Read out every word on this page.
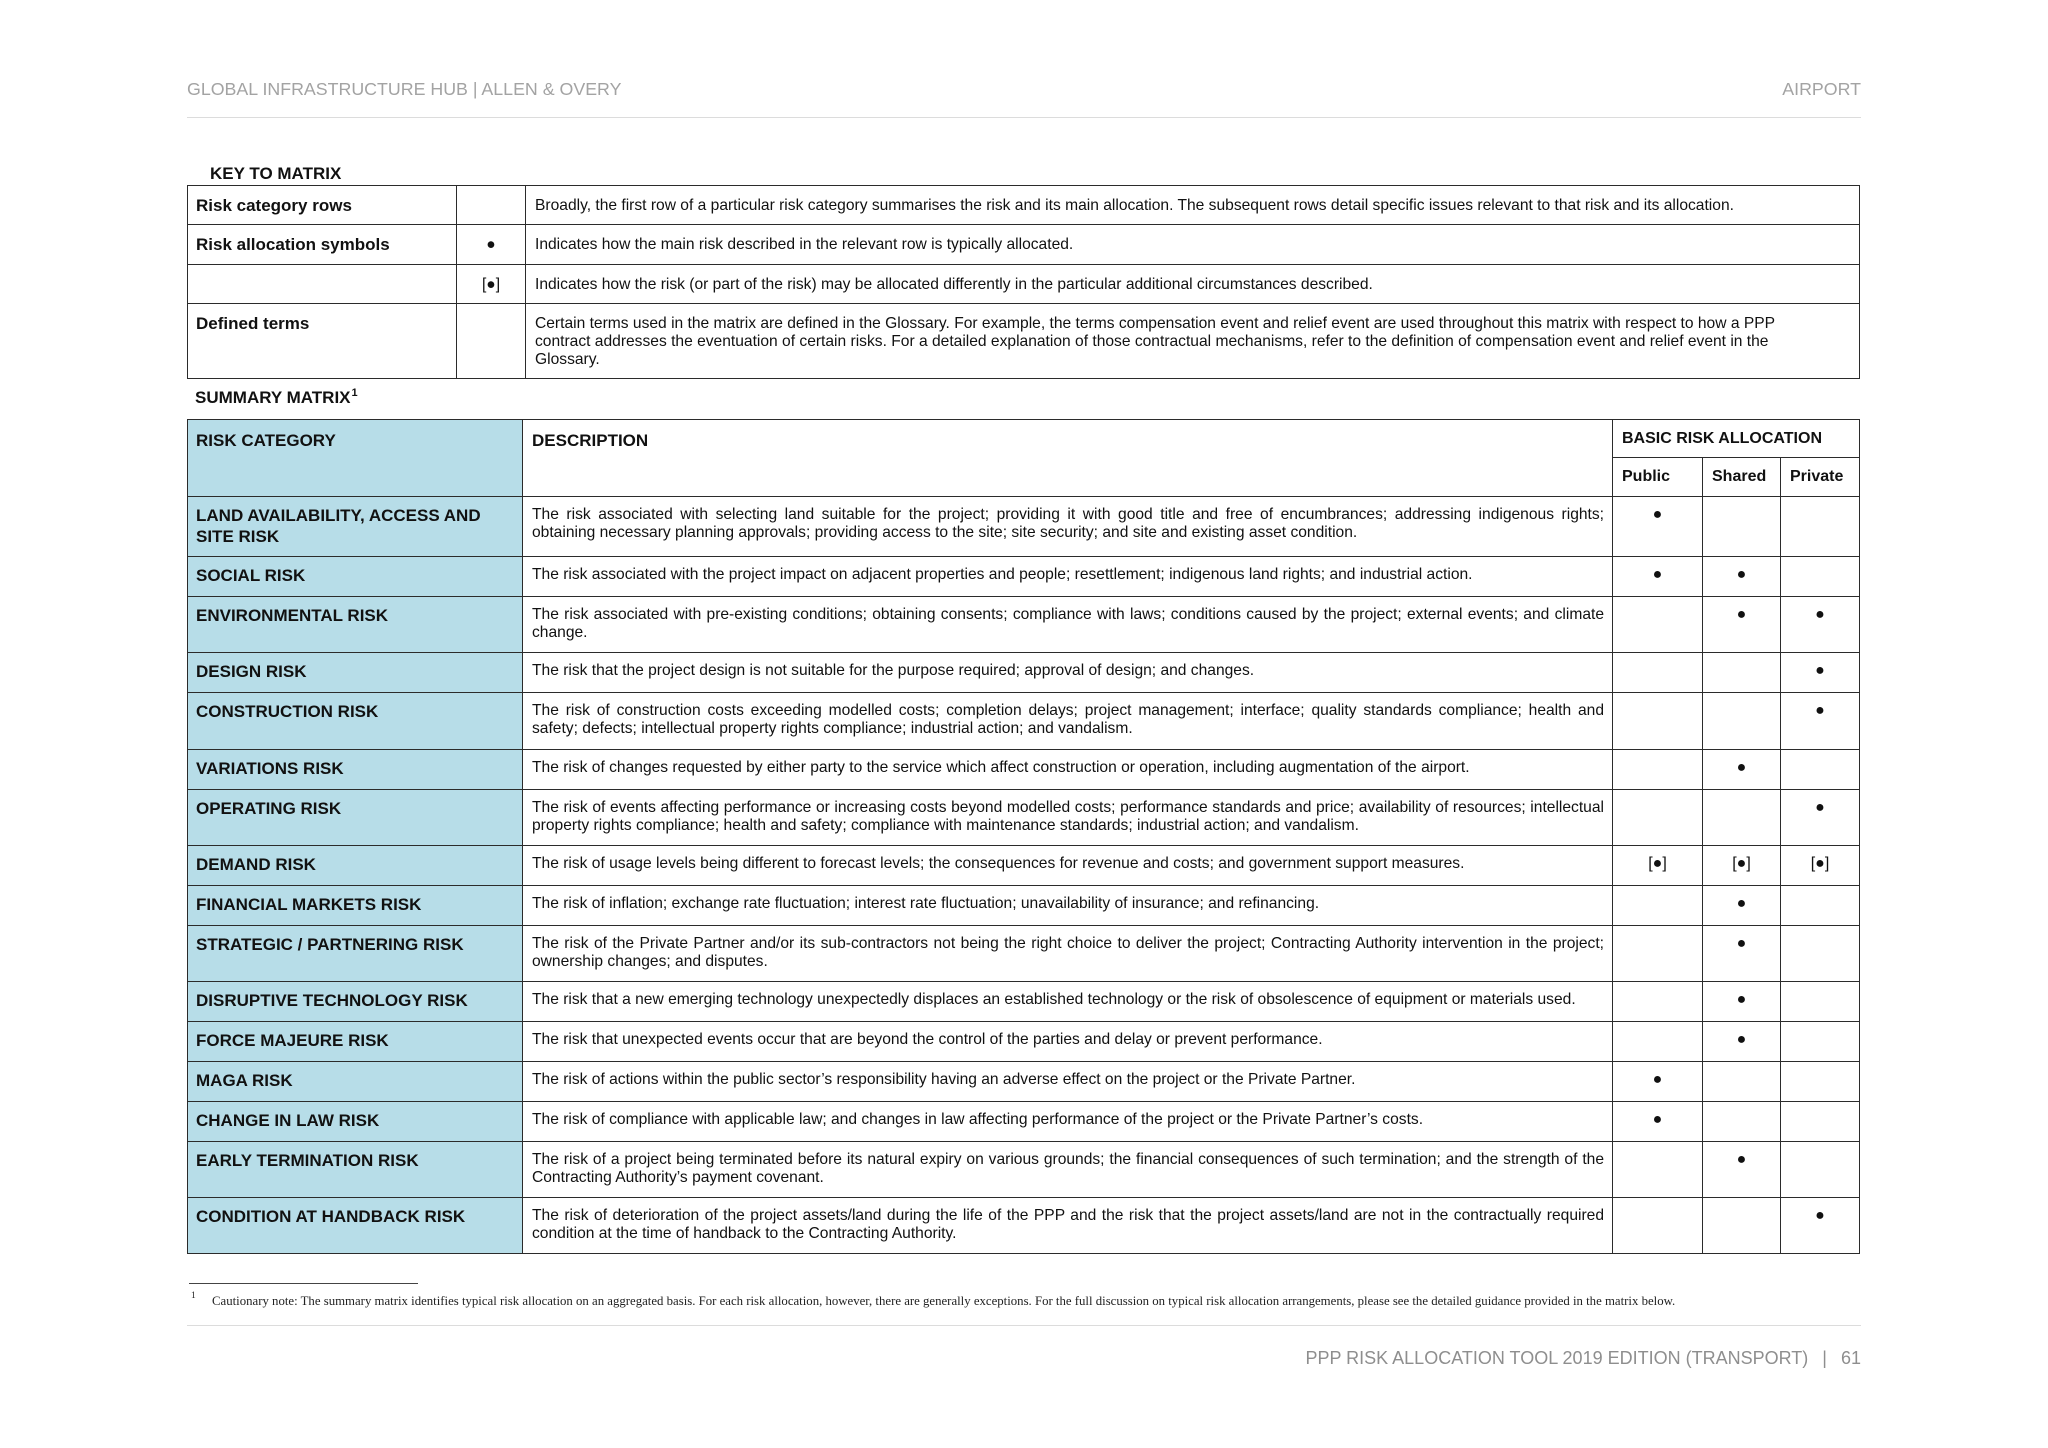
GLOBAL INFRASTRUCTURE HUB | ALLEN & OVERY	AIRPORT
KEY TO MATRIX
Risk category rows		Broadly, the first row of a particular risk category summarises the risk and its main allocation. The subsequent rows detail specific issues relevant to that risk and its allocation.
Risk allocation symbols	●	Indicates how the main risk described in the relevant row is typically allocated.
	[●]	Indicates how the risk (or part of the risk) may be allocated differently in the particular additional circumstances described.
Defined terms		Certain terms used in the matrix are defined in the Glossary. For example, the terms compensation event and relief event are used throughout this matrix with respect to how a PPP contract addresses the eventuation of certain risks. For a detailed explanation of those contractual mechanisms, refer to the definition of compensation event and relief event in the Glossary.
SUMMARY MATRIX$^1$
RISK CATEGORY	DESCRIPTION	BASIC RISK ALLOCATION		
		Public	Shared	Private
LAND AVAILABILITY, ACCESS AND SITE RISK	The risk associated with selecting land suitable for the project; providing it with good title and free of encumbrances; addressing indigenous rights; obtaining necessary planning approvals; providing access to the site; site security; and site and existing asset condition.	●		
SOCIAL RISK	The risk associated with the project impact on adjacent properties and people; resettlement; indigenous land rights; and industrial action.	●	●	
ENVIRONMENTAL RISK	The risk associated with pre-existing conditions; obtaining consents; compliance with laws; conditions caused by the project; external events; and climate change.		●	●
DESIGN RISK	The risk that the project design is not suitable for the purpose required; approval of design; and changes.			●
CONSTRUCTION RISK	The risk of construction costs exceeding modelled costs; completion delays; project management; interface; quality standards compliance; health and safety; defects; intellectual property rights compliance; industrial action; and vandalism.			●
VARIATIONS RISK	The risk of changes requested by either party to the service which affect construction or operation, including augmentation of the airport.		●	
OPERATING RISK	The risk of events affecting performance or increasing costs beyond modelled costs; performance standards and price; availability of resources; intellectual property rights compliance; health and safety; compliance with maintenance standards; industrial action; and vandalism.			●
DEMAND RISK	The risk of usage levels being different to forecast levels; the consequences for revenue and costs; and government support measures.	[●]	[●]	[●]
FINANCIAL MARKETS RISK	The risk of inflation; exchange rate fluctuation; interest rate fluctuation; unavailability of insurance; and refinancing.		●	
STRATEGIC / PARTNERING RISK	The risk of the Private Partner and/or its sub-contractors not being the right choice to deliver the project; Contracting Authority intervention in the project; ownership changes; and disputes.		●	
DISRUPTIVE TECHNOLOGY RISK	The risk that a new emerging technology unexpectedly displaces an established technology or the risk of obsolescence of equipment or materials used.		●	
FORCE MAJEURE RISK	The risk that unexpected events occur that are beyond the control of the parties and delay or prevent performance.		●	
MAGA RISK	The risk of actions within the public sector’s responsibility having an adverse effect on the project or the Private Partner.	●		
CHANGE IN LAW RISK	The risk of compliance with applicable law; and changes in law affecting performance of the project or the Private Partner’s costs.	●		
EARLY TERMINATION RISK	The risk of a project being terminated before its natural expiry on various grounds; the financial consequences of such termination; and the strength of the Contracting Authority’s payment covenant.		●	
CONDITION AT HANDBACK RISK	The risk of deterioration of the project assets/land during the life of the PPP and the risk that the project assets/land are not in the contractually required condition at the time of handback to the Contracting Authority.			●
1 Cautionary note: The summary matrix identifies typical risk allocation on an aggregated basis. For each risk allocation, however, there are generally exceptions. For the full discussion on typical risk allocation arrangements, please see the detailed guidance provided in the matrix below.
PPP RISK ALLOCATION TOOL 2019 EDITION (TRANSPORT) | 61
